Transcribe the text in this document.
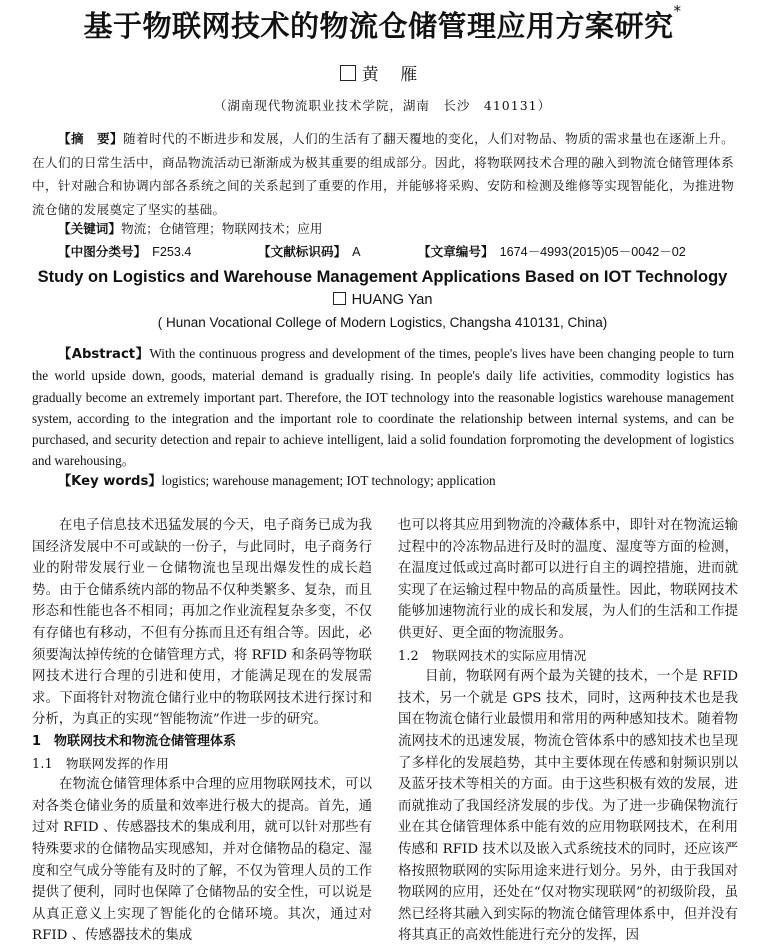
基于物联网技术的物流仓储管理应用方案研究*
黄 雁
（湖南现代物流职业技术学院，湖南　长沙　410131）
【摘　要】随着时代的不断进步和发展，人们的生活有了翻天覆地的变化，人们对物品、物质的需求量也在逐渐上升。在人们的日常生活中，商品物流活动已渐渐成为极其重要的组成部分。因此，将物联网技术合理的融入到物流仓储管理体系中，针对融合和协调内部各系统之间的关系起到了重要的作用，并能够将采购、安防和检测及维修等实现智能化，为推进物流仓储的发展奠定了坚实的基础。
【关键词】物流；仓储管理；物联网技术；应用
【中图分类号】 F253.4	【文献标识码】 A	【文章编号】 1674－4993(2015)05－0042－02
Study on Logistics and Warehouse Management Applications Based on IOT Technology
HUANG Yan
( Hunan Vocational College of Modern Logistics, Changsha 410131, China)
【Abstract】With the continuous progress and development of the times, people's lives have been changing people to turn the world upside down, goods, material demand is gradually rising. In people's daily life activities, commodity logistics has gradually become an extremely important part. Therefore, the IOT technology into the reasonable logistics warehouse management system, according to the integration and the important role to coordinate the relationship between internal systems, and can be purchased, and security detection and repair to achieve intelligent, laid a solid foundation forpromoting the development of logistics and warehousing。
【Key words】logistics; warehouse management; IOT technology; application

在电子信息技术迅猛发展的今天，电子商务已成为我国经济发展中不可或缺的一份子，与此同时，电子商务行业的附带发展行业－仓储物流也呈现出爆发性的成长趋势。由于仓储系统内部的物品不仅种类繁多、复杂，而且形态和性能也各不相同；再加之作业流程复杂多变，不仅有存储也有移动，不但有分拣而且还有组合等。因此，必须要淘汰掉传统的仓储管理方式，将 RFID 和条码等物联网技术进行合理的引进和使用，才能满足现在的发展需求。下面将针对物流仓储行业中的物联网技术进行探讨和分析，为真正的实现“智能物流”作进一步的研究。

1　物联网技术和物流仓储管理体系

1.1　物联网发挥的作用

在物流仓储管理体系中合理的应用物联网技术，可以对各类仓储业务的质量和效率进行极大的提高。首先，通过对 RFID 、传感器技术的集成利用，就可以针对那些有特殊要求的仓储物品实现感知，并对仓储物品的稳定、湿度和空气成分等能有及时的了解，不仅为管理人员的工作提供了便利，同时也保障了仓储物品的安全性，可以说是从真正意义上实现了智能化的仓储环境。其次，通过对 RFID 、传感器技术的集成

也可以将其应用到物流的冷藏体系中，即针对在物流运输过程中的冷冻物品进行及时的温度、湿度等方面的检测，在温度过低或过高时都可以进行自主的调控措施，进而就实现了在运输过程中物品的高质量性。因此，物联网技术能够加速物流行业的成长和发展，为人们的生活和工作提供更好、更全面的物流服务。

1.2　物联网技术的实际应用情况

目前，物联网有两个最为关键的技术，一个是 RFID 技术，另一个就是 GPS 技术，同时，这两种技术也是我国在物流仓储行业最惯用和常用的两种感知技术。随着物流网技术的迅速发展，物流仓管体系中的感知技术也呈现了多样化的发展趋势，其中主要体现在传感和射频识别以及蓝牙技术等相关的方面。由于这些积极有效的发展，进而就推动了我国经济发展的步伐。为了进一步确保物流行业在其仓储管理体系中能有效的应用物联网技术，在利用传感和 RFID 技术以及嵌入式系统技术的同时，还应该严格按照物联网的实际用途来进行划分。另外，由于我国对物联网的应用，还处在“仅对物实现联网”的初级阶段，虽然已经将其融入到实际的物流仓储管理体系中，但并没有将其真正的高效性能进行充分的发挥，因
